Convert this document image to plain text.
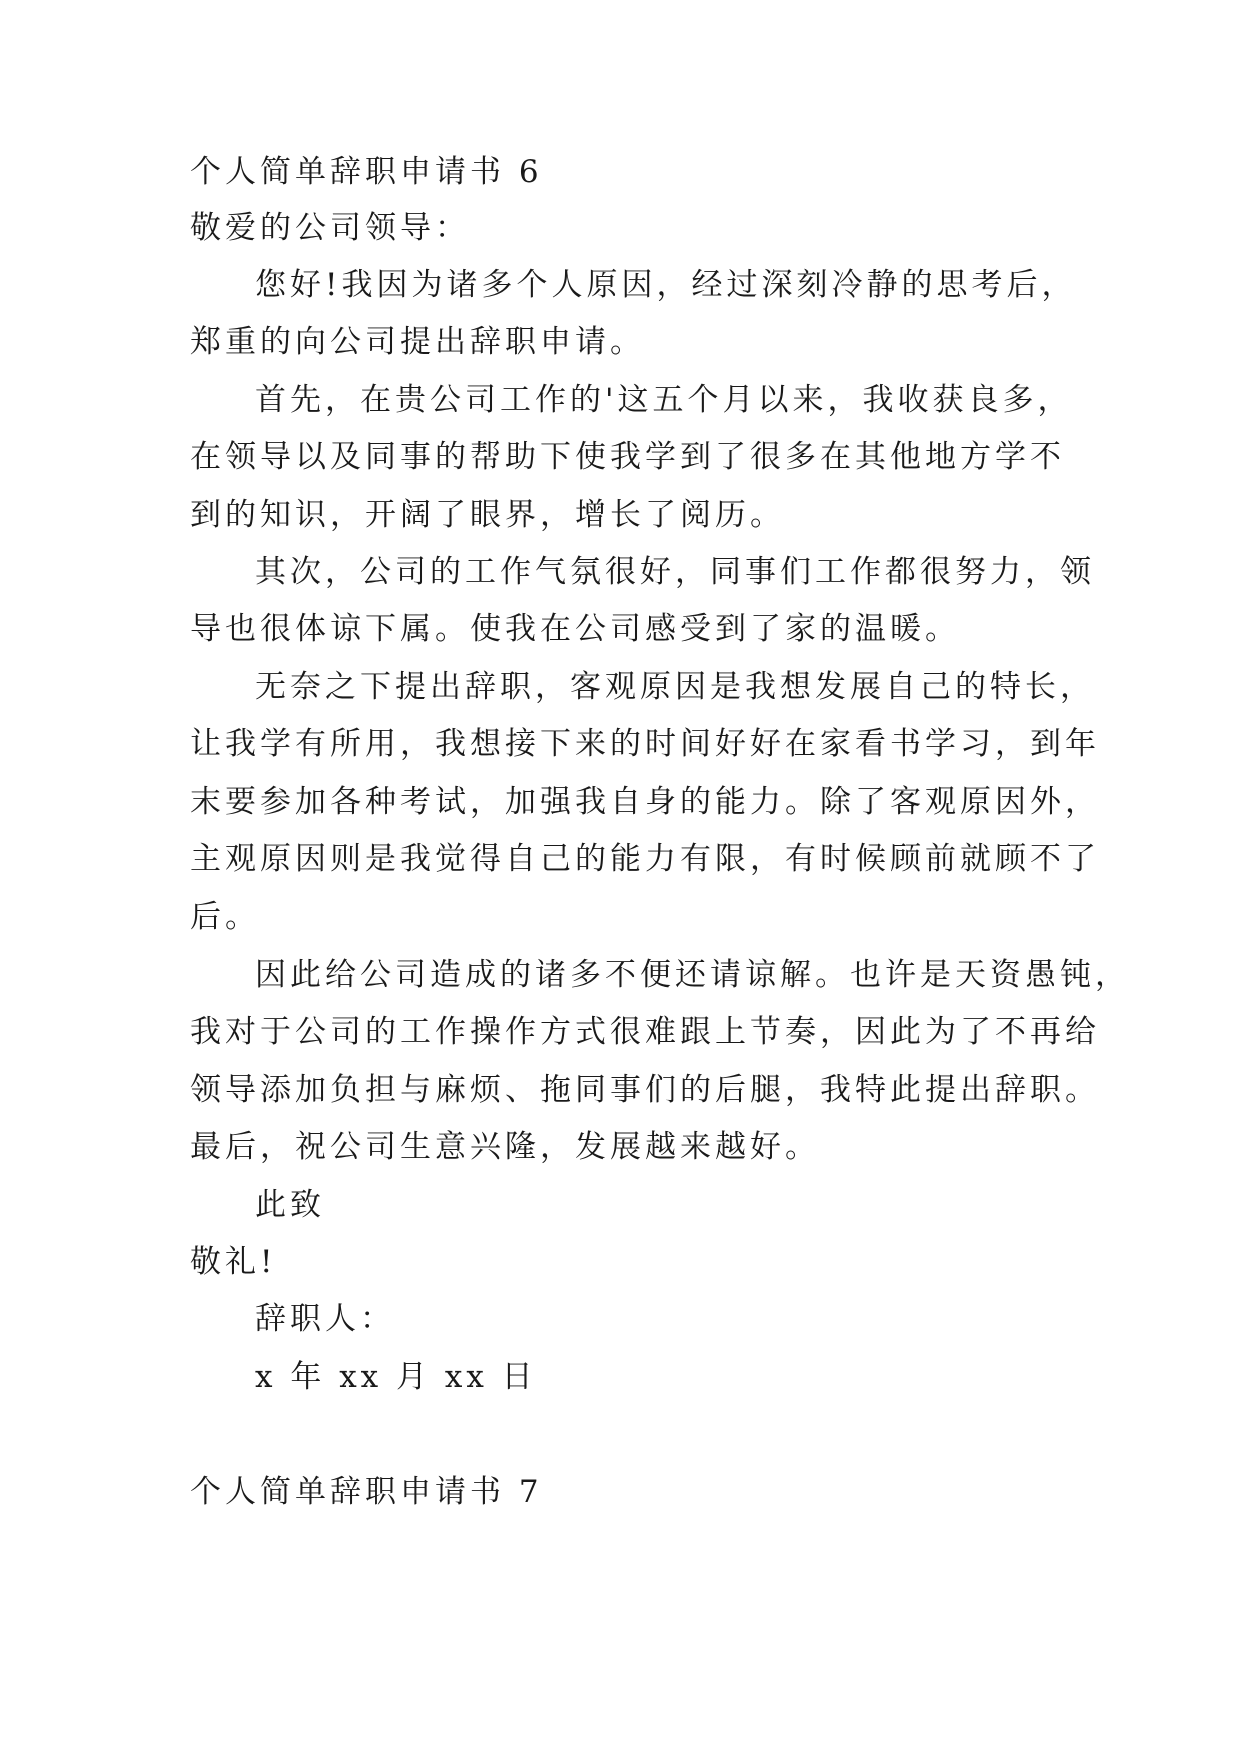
个人简单辞职申请书 6
敬爱的公司领导：
您好!我因为诸多个人原因，经过深刻冷静的思考后，
郑重的向公司提出辞职申请。
首先，在贵公司工作的'这五个月以来，我收获良多，
在领导以及同事的帮助下使我学到了很多在其他地方学不
到的知识，开阔了眼界，增长了阅历。
其次，公司的工作气氛很好，同事们工作都很努力，领
导也很体谅下属。使我在公司感受到了家的温暖。
无奈之下提出辞职，客观原因是我想发展自己的特长，
让我学有所用，我想接下来的时间好好在家看书学习，到年
末要参加各种考试，加强我自身的能力。除了客观原因外，
主观原因则是我觉得自己的能力有限，有时候顾前就顾不了
后。
因此给公司造成的诸多不便还请谅解。也许是天资愚钝，
我对于公司的工作操作方式很难跟上节奏，因此为了不再给
领导添加负担与麻烦、拖同事们的后腿，我特此提出辞职。
最后，祝公司生意兴隆，发展越来越好。
此致
敬礼!
辞职人：
x 年 xx 月 xx 日
个人简单辞职申请书 7
